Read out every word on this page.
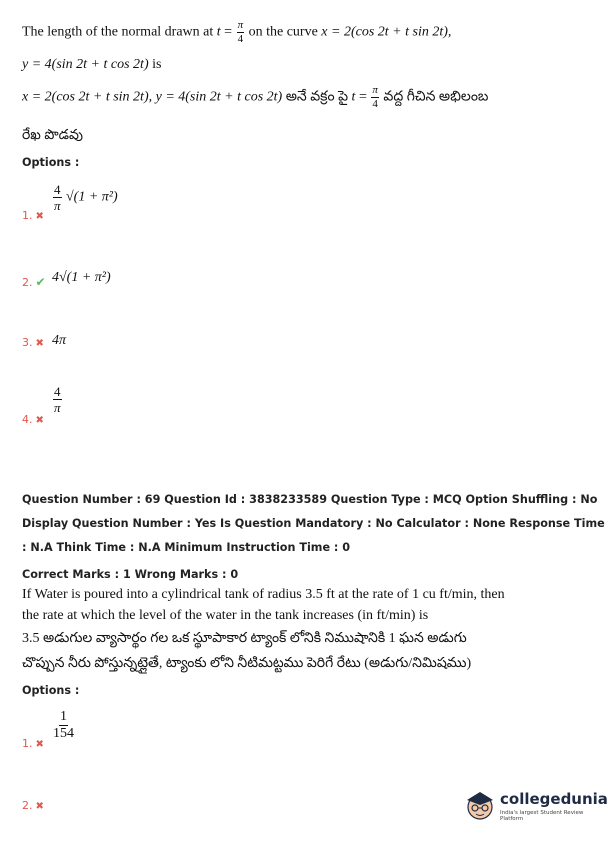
The length of the normal drawn at $t = \frac{\pi}{4}$ on the curve x = 2(cos 2t + t sin 2t),
y = 4(sin 2t + t cos 2t) is
x = 2(cos 2t + t sin 2t), y = 4(sin 2t + t cos 2t) అనే వక్రం పై $t = \frac{\pi}{4}$ వద్ద గీచిన అభిలంబ
రేఖ పొడవు
Options :
1. ✖
$\frac{4}{\pi} √(1 + \pi^2)$
2. ✔ 4√(1 + π²)
3. ✖ 4π
4. ✖
$\frac{4}{\pi}$
Question Number : 69 Question Id : 3838233589 Question Type : MCQ Option Shuffling : No
Display Question Number : Yes Is Question Mandatory : No Calculator : None Response Time
: N.A Think Time : N.A Minimum Instruction Time : 0
Correct Marks : 1 Wrong Marks : 0
If Water is poured into a cylindrical tank of radius 3.5 ft at the rate of 1 cu ft/min, then
the rate at which the level of the water in the tank increases (in ft/min) is
3.5 అడుగుల వ్యాసార్థం గల ఒక స్థూపాకార ట్యాంక్ లోనికి నిముషానికి 1 ఘన అడుగు
చొప్పున నీరు పోస్తున్నట్లైతే, ట్యాంకు లోని నీటిమట్టము పెరిగే రేటు (అడుగు/నిమిషము)
Options :
1. ✖
$\frac{1}{154}$
2. ✖	collegedunia
India's largest Student Review Platform
